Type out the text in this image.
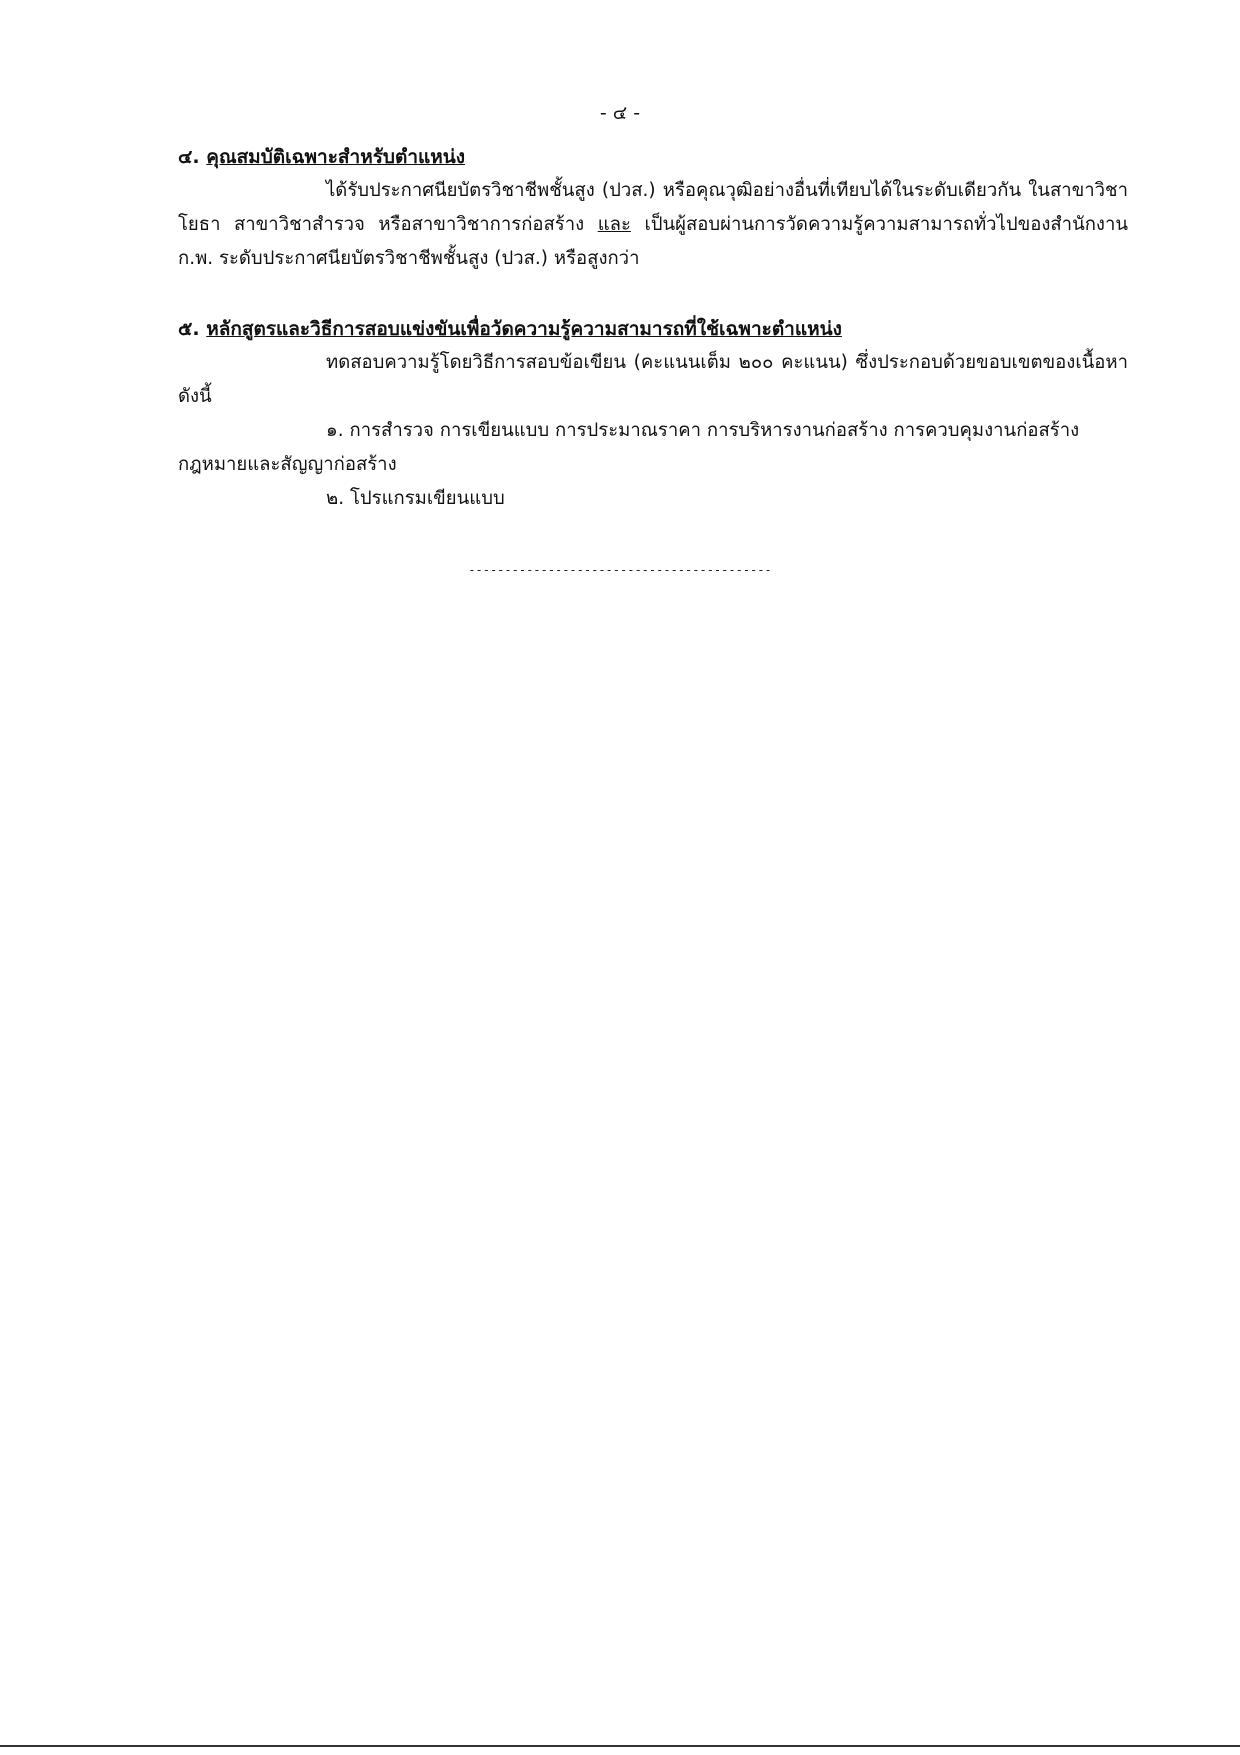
- ๔ -

๔. คุณสมบัติเฉพาะสำหรับตำแหน่ง

ได้รับประกาศนียบัตรวิชาชีพชั้นสูง (ปวส.) หรือคุณวุฒิอย่างอื่นที่เทียบได้ในระดับเดียวกัน ในสาขาวิชาโยธา สาขาวิชาสำรวจ หรือสาขาวิชาการก่อสร้าง และ เป็นผู้สอบผ่านการวัดความรู้ความสามารถทั่วไปของสำนักงาน ก.พ. ระดับประกาศนียบัตรวิชาชีพชั้นสูง (ปวส.) หรือสูงกว่า

๕. หลักสูตรและวิธีการสอบแข่งขันเพื่อวัดความรู้ความสามารถที่ใช้เฉพาะตำแหน่ง

ทดสอบความรู้โดยวิธีการสอบข้อเขียน (คะแนนเต็ม ๒๐๐ คะแนน) ซึ่งประกอบด้วยขอบเขตของเนื้อหา ดังนี้

๑. การสำรวจ การเขียนแบบ การประมาณราคา การบริหารงานก่อสร้าง การควบคุมงานก่อสร้าง กฎหมายและสัญญาก่อสร้าง

๒. โปรแกรมเขียนแบบ

------------------------------------------
